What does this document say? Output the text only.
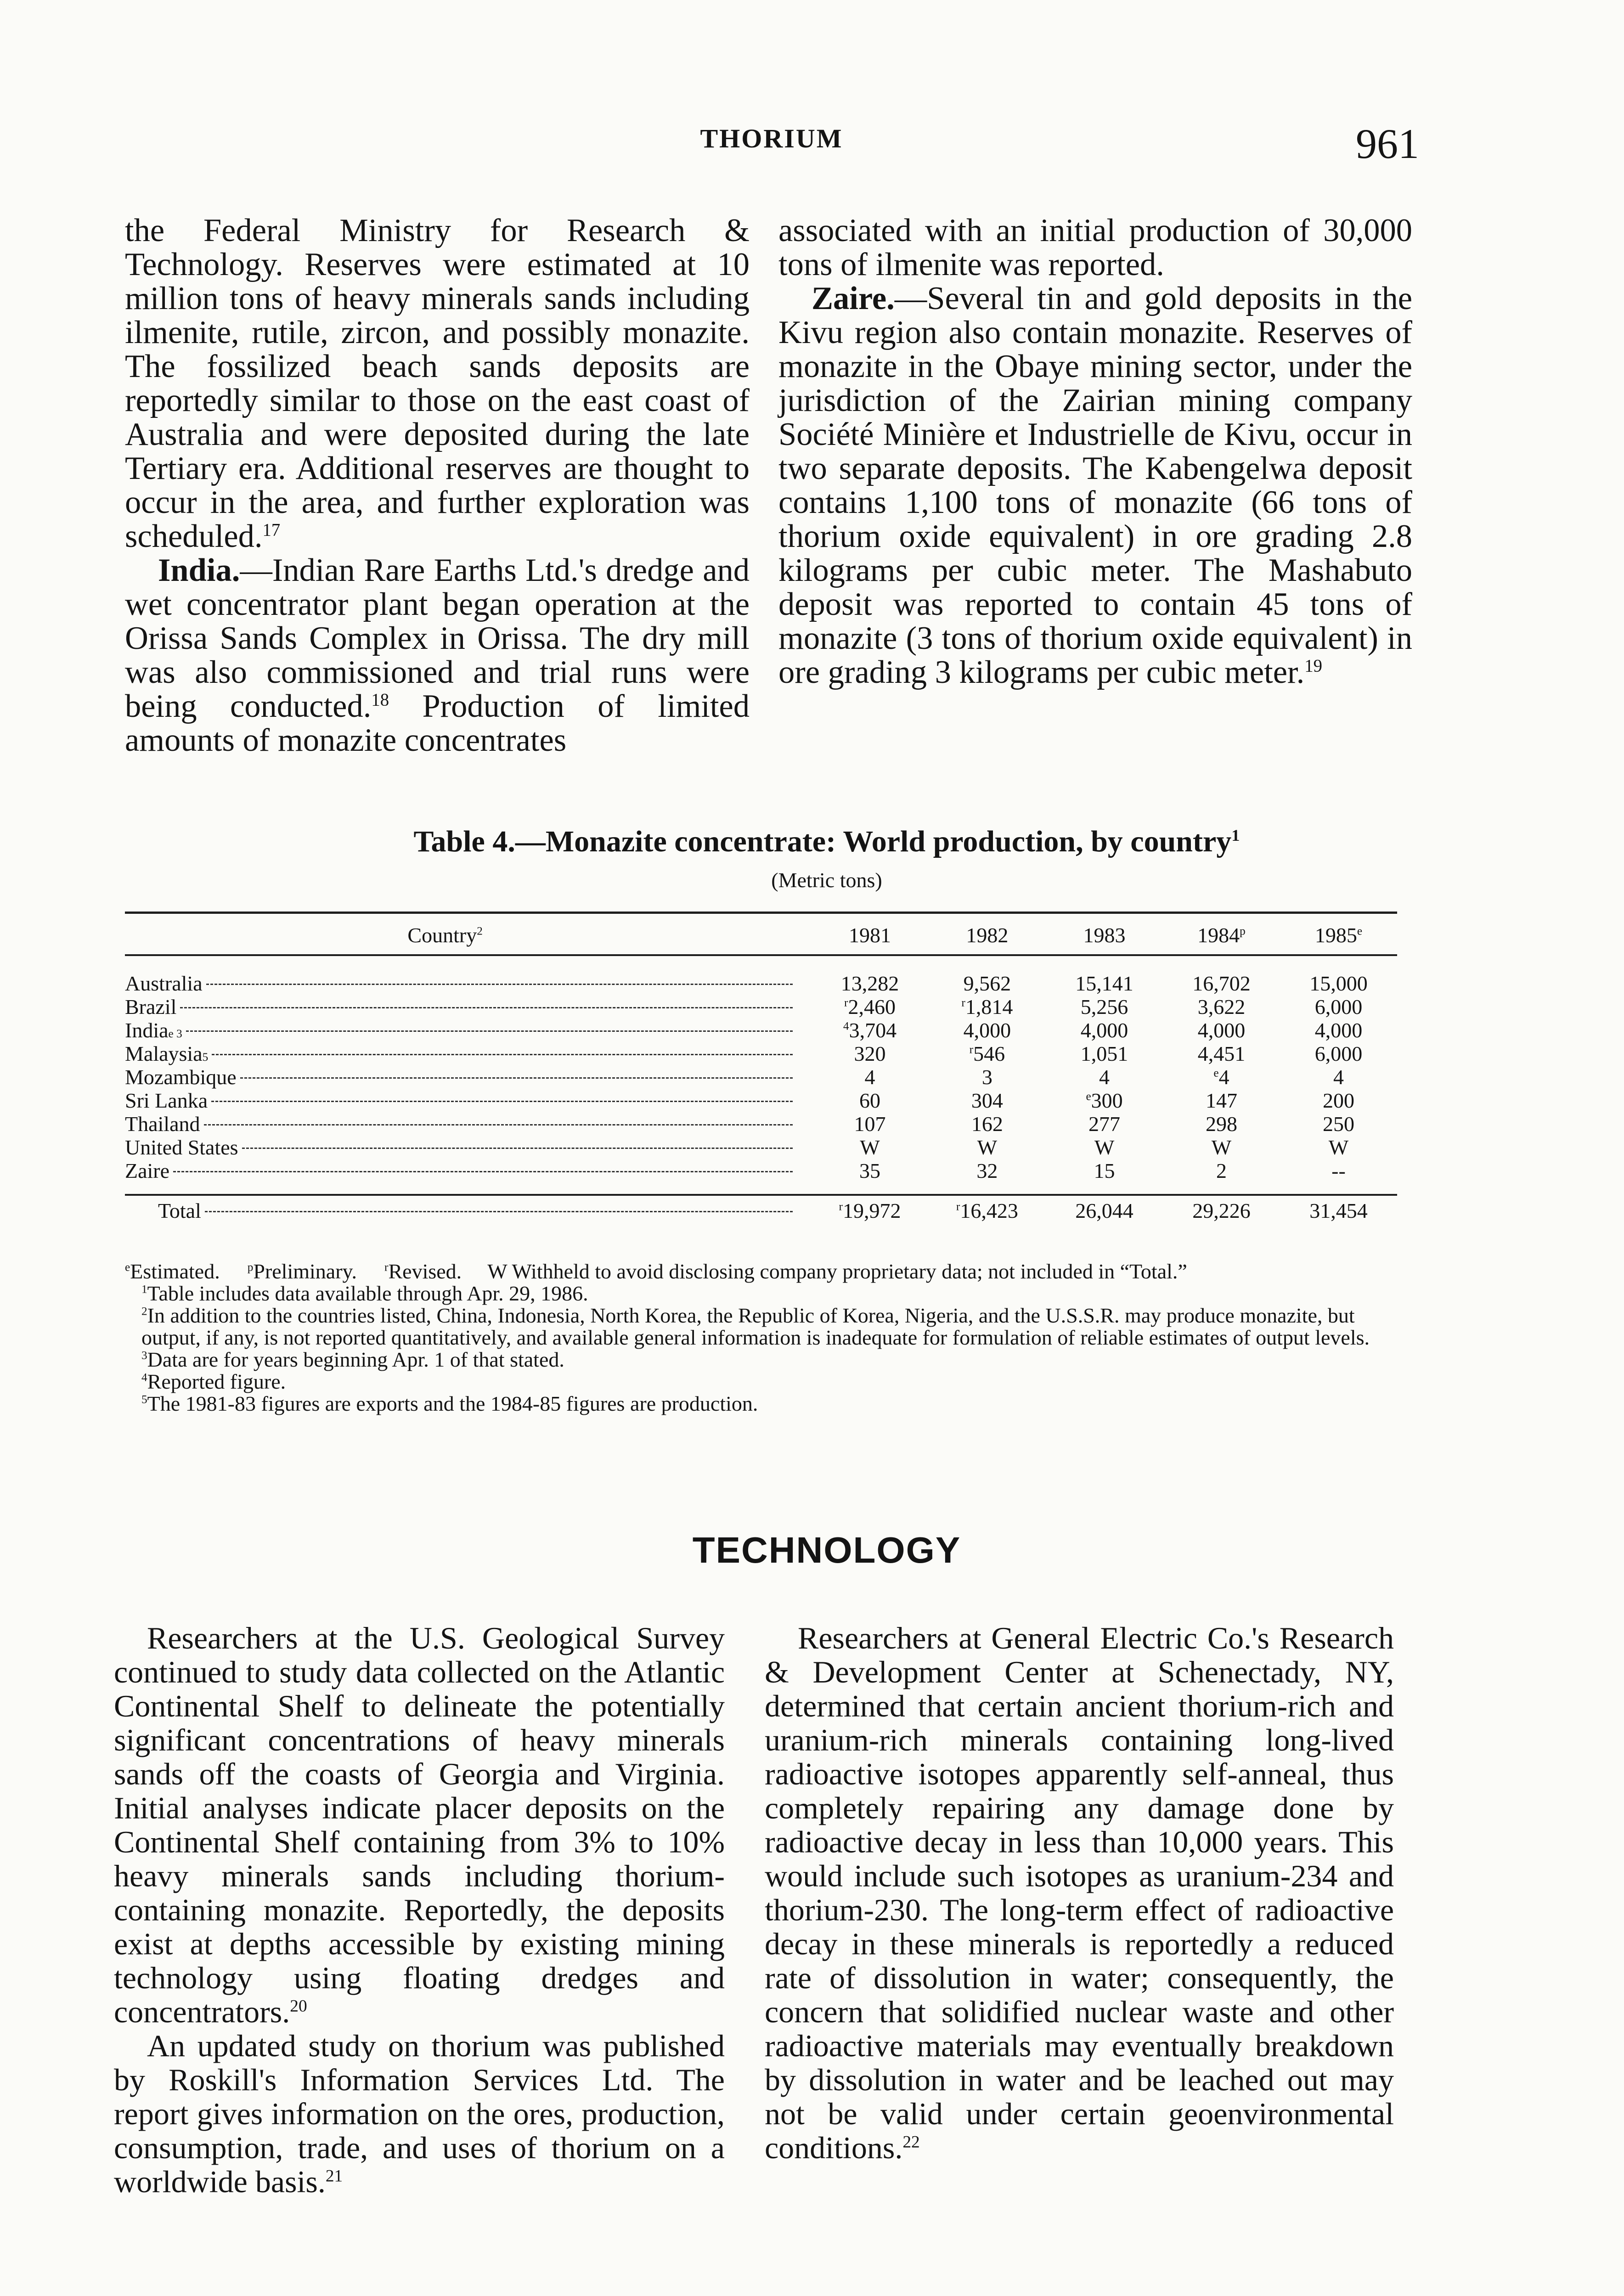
THORIUM	961

the Federal Ministry for Research & Technology. Reserves were estimated at 10 million tons of heavy minerals sands including ilmenite, rutile, zircon, and possibly monazite. The fossilized beach sands deposits are reportedly similar to those on the east coast of Australia and were deposited during the late Tertiary era. Additional reserves are thought to occur in the area, and further exploration was scheduled.$^{17}$

India.—Indian Rare Earths Ltd.'s dredge and wet concentrator plant began operation at the Orissa Sands Complex in Orissa. The dry mill was also commissioned and trial runs were being conducted.$^{18}$ Production of limited amounts of monazite concentrates

associated with an initial production of 30,000 tons of ilmenite was reported.

Zaire.—Several tin and gold deposits in the Kivu region also contain monazite. Reserves of monazite in the Obaye mining sector, under the jurisdiction of the Zairian mining company Société Minière et Industrielle de Kivu, occur in two separate deposits. The Kabengelwa deposit contains 1,100 tons of monazite (66 tons of thorium oxide equivalent) in ore grading 2.8 kilograms per cubic meter. The Mashabuto deposit was reported to contain 45 tons of monazite (3 tons of thorium oxide equivalent) in ore grading 3 kilograms per cubic meter.$^{19}$

Table 4.—Monazite concentrate: World production, by country$^1$
(Metric tons)
Country$^2$	1981	1982	1983	1984$^p$	1985e

Australia	13,282	9,562	15,141	16,702	15,000

Brazil	$^r$2,460	$^r$1,814	5,256	3,622	6,000

India e 3	$^4$3,704	4,000	4,000	4,000	4,000

Malaysia 5	320	$^r$546	1,051	4,451	6,000

Mozambique	4	3	4	$^e$4	4

Sri Lanka	60	304	$^e$300	147	200

Thailand	107	162	277	298	250

United States	W	W	W	W	W

Zaire	35	32	15	2	--

Total	$^r$19,972	$^r$16,423	26,044	29,226	31,454
$^e$Estimated. $^p$Preliminary. $^r$Revised. W Withheld to avoid disclosing company proprietary data; not included in “Total.”
$^1$Table includes data available through Apr. 29, 1986.
$^2$In addition to the countries listed, China, Indonesia, North Korea, the Republic of Korea, Nigeria, and the U.S.S.R. may produce monazite, but output, if any, is not reported quantitatively, and available general information is inadequate for formulation of reliable estimates of output levels.
$^3$Data are for years beginning Apr. 1 of that stated.
$^4$Reported figure.
$^5$The 1981-83 figures are exports and the 1984-85 figures are production.
TECHNOLOGY

Researchers at the U.S. Geological Survey continued to study data collected on the Atlantic Continental Shelf to delineate the potentially significant concentrations of heavy minerals sands off the coasts of Georgia and Virginia. Initial analyses indicate placer deposits on the Continental Shelf containing from 3% to 10% heavy minerals sands including thorium-containing monazite. Reportedly, the deposits exist at depths accessible by existing mining technology using floating dredges and concentrators.$^{20}$

An updated study on thorium was published by Roskill's Information Services Ltd. The report gives information on the ores, production, consumption, trade, and uses of thorium on a worldwide basis.$^{21}$

Researchers at General Electric Co.'s Research & Development Center at Schenectady, NY, determined that certain ancient thorium-rich and uranium-rich minerals containing long-lived radioactive isotopes apparently self-anneal, thus completely repairing any damage done by radioactive decay in less than 10,000 years. This would include such isotopes as uranium-234 and thorium-230. The long-term effect of radioactive decay in these minerals is reportedly a reduced rate of dissolution in water; consequently, the concern that solidified nuclear waste and other radioactive materials may eventually breakdown by dissolution in water and be leached out may not be valid under certain geoenvironmental conditions.$^{22}$
